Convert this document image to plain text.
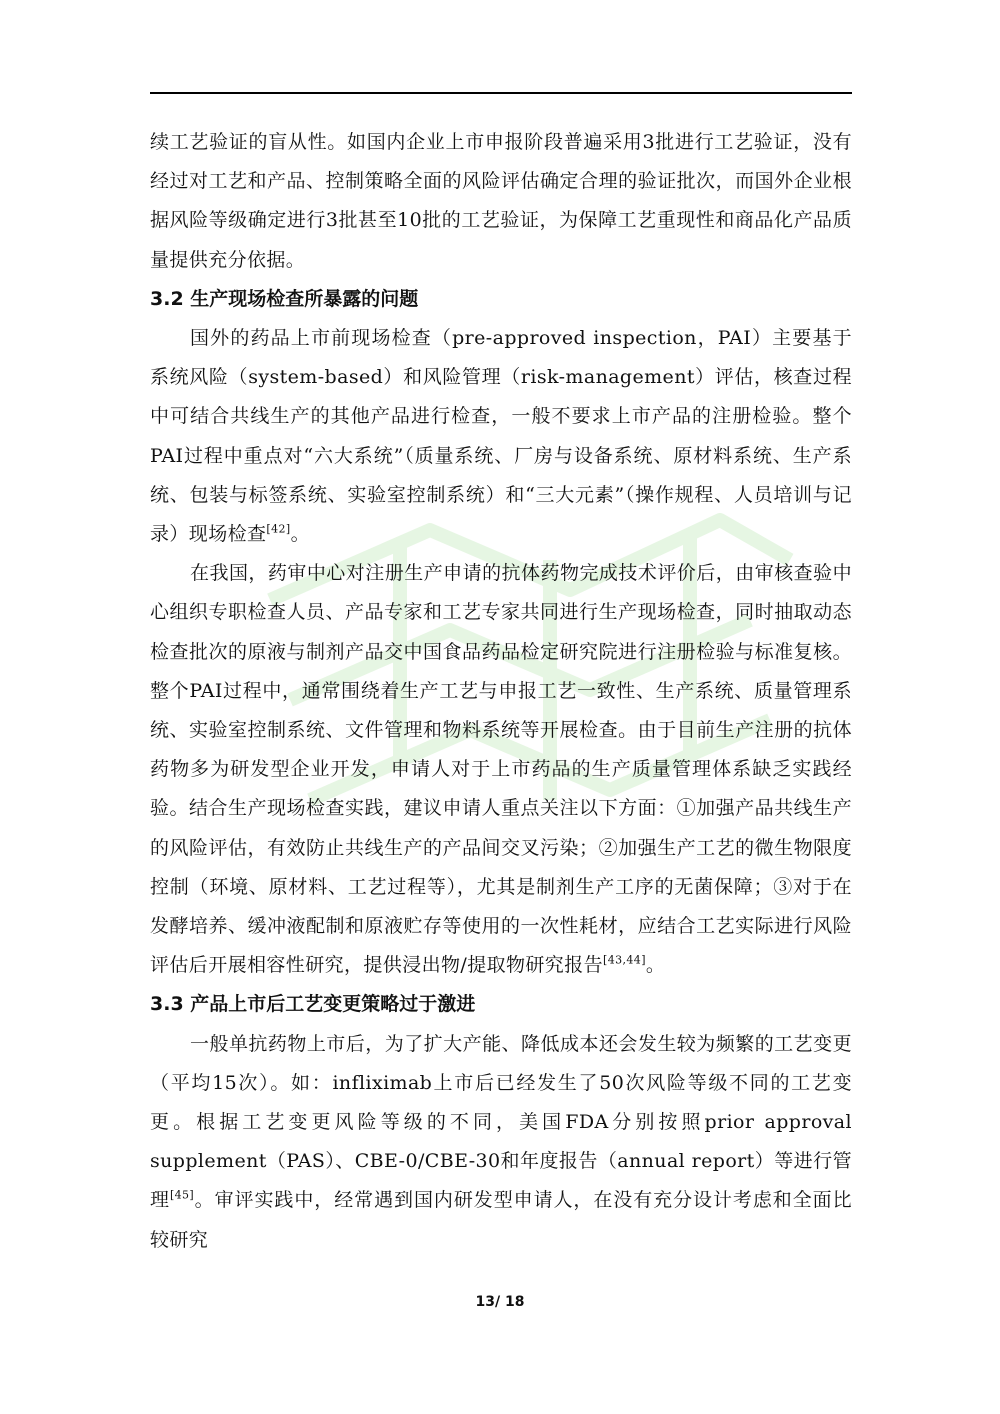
续工艺验证的盲从性。如国内企业上市申报阶段普遍采用3批进行工艺验证，没有经过对工艺和产品、控制策略全面的风险评估确定合理的验证批次，而国外企业根据风险等级确定进行3批甚至10批的工艺验证，为保障工艺重现性和商品化产品质量提供充分依据。

3.2 生产现场检查所暴露的问题

国外的药品上市前现场检查（pre-approved inspection，PAI）主要基于系统风险（system-based）和风险管理（risk-management）评估，核查过程中可结合共线生产的其他产品进行检查，一般不要求上市产品的注册检验。整个PAI过程中重点对“六大系统”（质量系统、厂房与设备系统、原材料系统、生产系统、包装与标签系统、实验室控制系统）和“三大元素”（操作规程、人员培训与记录）现场检查[42]。

在我国，药审中心对注册生产申请的抗体药物完成技术评价后，由审核查验中心组织专职检查人员、产品专家和工艺专家共同进行生产现场检查，同时抽取动态检查批次的原液与制剂产品交中国食品药品检定研究院进行注册检验与标准复核。整个PAI过程中，通常围绕着生产工艺与申报工艺一致性、生产系统、质量管理系统、实验室控制系统、文件管理和物料系统等开展检查。由于目前生产注册的抗体药物多为研发型企业开发，申请人对于上市药品的生产质量管理体系缺乏实践经验。结合生产现场检查实践，建议申请人重点关注以下方面：①加强产品共线生产的风险评估，有效防止共线生产的产品间交叉污染；②加强生产工艺的微生物限度控制（环境、原材料、工艺过程等），尤其是制剂生产工序的无菌保障；③对于在发酵培养、缓冲液配制和原液贮存等使用的一次性耗材，应结合工艺实际进行风险评估后开展相容性研究，提供浸出物/提取物研究报告[43,44]。

3.3 产品上市后工艺变更策略过于激进

一般单抗药物上市后，为了扩大产能、降低成本还会发生较为频繁的工艺变更（平均15次）。如：infliximab上市后已经发生了50次风险等级不同的工艺变更。根据工艺变更风险等级的不同，美国FDA分别按照prior approval supplement（PAS）、CBE-0/CBE-30和年度报告（annual report）等进行管理[45]。审评实践中，经常遇到国内研发型申请人，在没有充分设计考虑和全面比较研究

13/ 18
